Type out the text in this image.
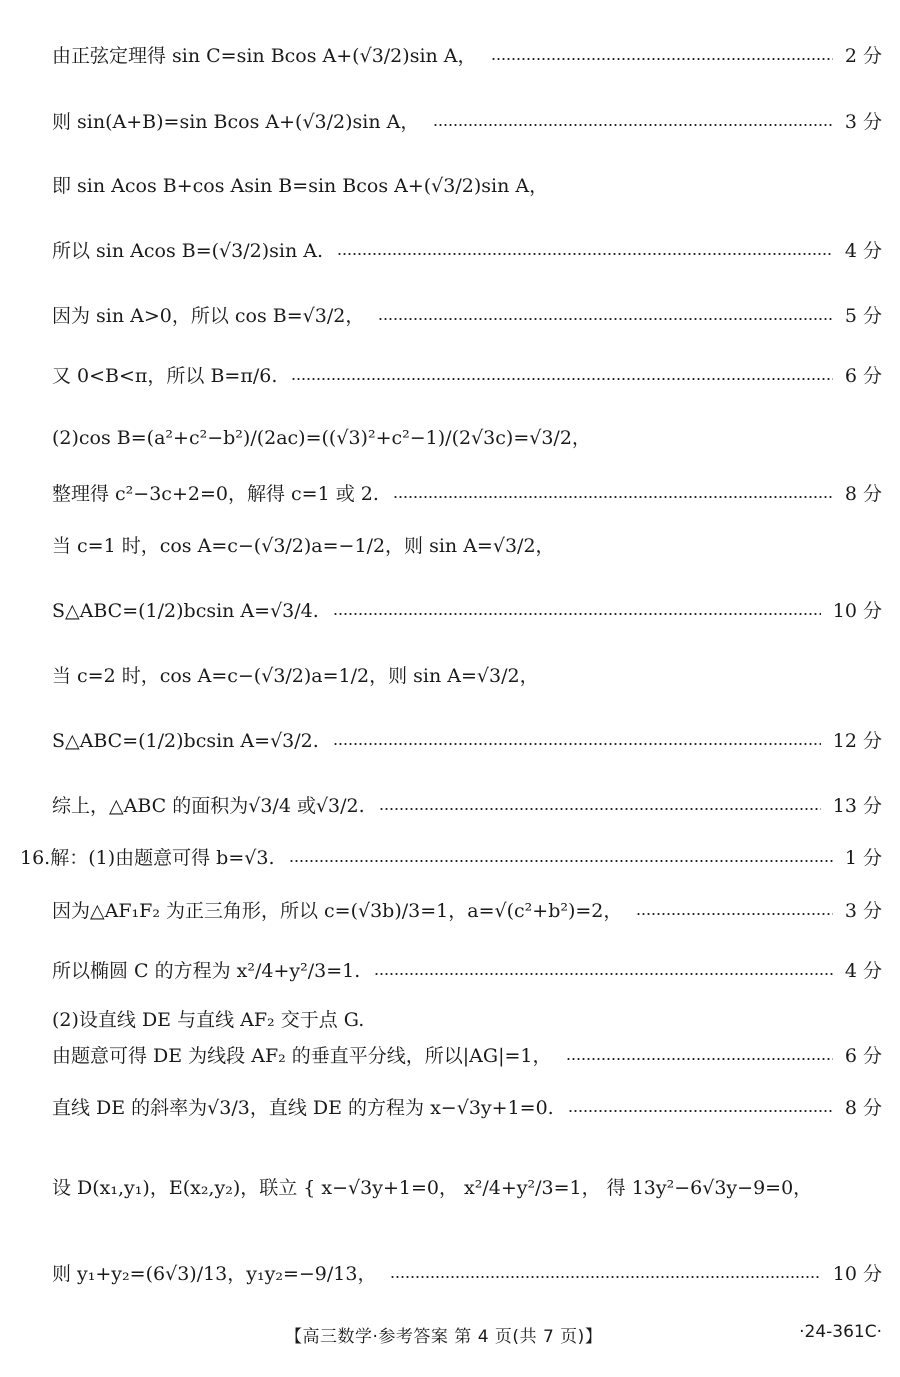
由正弦定理得 sin C=sin Bcos A+(√3/2)sin A，	2 分
则 sin(A+B)=sin Bcos A+(√3/2)sin A，	3 分
即 sin Acos B+cos Asin B=sin Bcos A+(√3/2)sin A，
所以 sin Acos B=(√3/2)sin A.	4 分
因为 sin A>0，所以 cos B=√3/2，	5 分
又 0<B<π，所以 B=π/6.	6 分
(2)cos B=(a²+c²−b²)/(2ac)=((√3)²+c²−1)/(2√3c)=√3/2，
整理得 c²−3c+2=0，解得 c=1 或 2.	8 分
当 c=1 时，cos A=c−(√3/2)a=−1/2，则 sin A=√3/2，
S△ABC=(1/2)bcsin A=√3/4.	10 分
当 c=2 时，cos A=c−(√3/2)a=1/2，则 sin A=√3/2，
S△ABC=(1/2)bcsin A=√3/2.	12 分
综上，△ABC 的面积为√3/4 或√3/2.	13 分
16.解：(1)由题意可得 b=√3.	1 分
因为△AF₁F₂ 为正三角形，所以 c=(√3b)/3=1，a=√(c²+b²)=2，	3 分
所以椭圆 C 的方程为 x²/4+y²/3=1.	4 分
(2)设直线 DE 与直线 AF₂ 交于点 G.
由题意可得 DE 为线段 AF₂ 的垂直平分线，所以|AG|=1，	6 分
直线 DE 的斜率为√3/3，直线 DE 的方程为 x−√3y+1=0.	8 分
设 D(x₁,y₁)，E(x₂,y₂)，联立 { x−√3y+1=0， x²/4+y²/3=1， 得 13y²−6√3y−9=0，
则 y₁+y₂=(6√3)/13，y₁y₂=−9/13，	10 分
【高三数学·参考答案 第 4 页(共 7 页)】	·24-361C·
